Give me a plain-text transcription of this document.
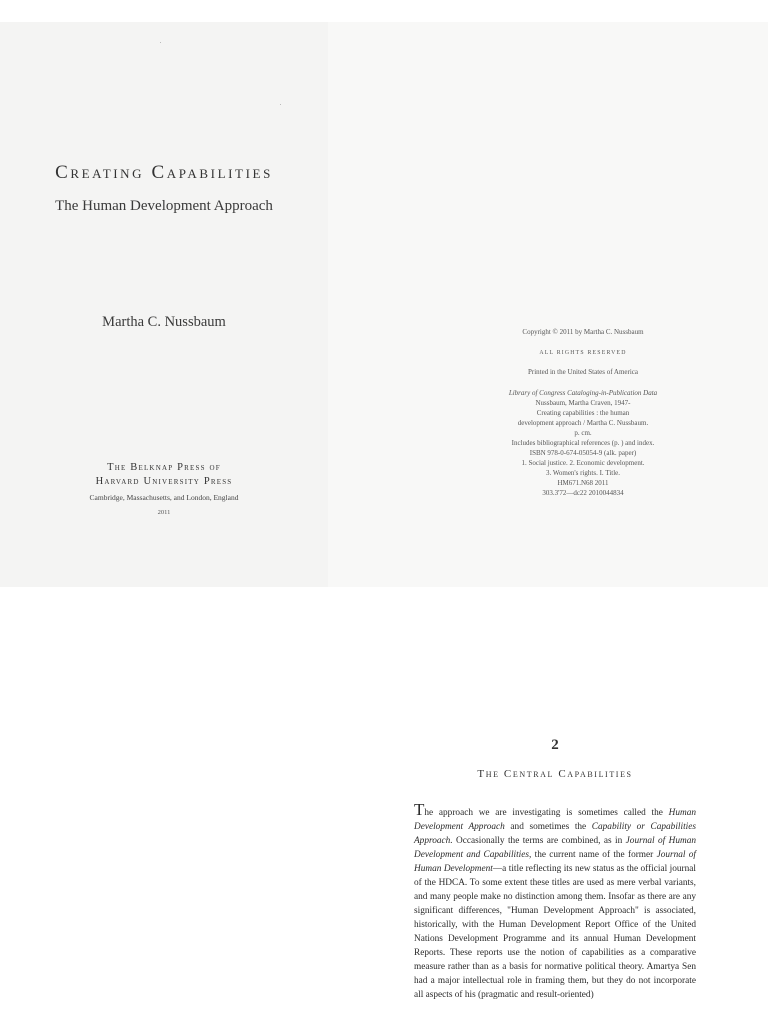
Creating Capabilities
The Human Development Approach
Martha C. Nussbaum
The Belknap Press of
Harvard University Press
Cambridge, Massachusetts, and London, England
2011
Copyright © 2011 by Martha C. Nussbaum
ALL RIGHTS RESERVED
Printed in the United States of America
Library of Congress Cataloging-in-Publication Data
Nussbaum, Martha Craven, 1947-
Creating capabilities : the human
development approach / Martha C. Nussbaum.
p. cm.
Includes bibliographical references (p. ) and index.
ISBN 978-0-674-05054-9 (alk. paper)
1. Social justice. 2. Economic development.
3. Women's rights. I. Title.
HM671.N68 2011
303.3'72—dc22 2010044834
2
The Central Capabilities

The approach we are investigating is sometimes called the Human Development Approach and sometimes the Capability or Capabilities Approach. Occasionally the terms are combined, as in Journal of Human Development and Capabilities, the current name of the former Journal of Human Development—a title reflecting its new status as the official journal of the HDCA. To some extent these titles are used as mere verbal variants, and many people make no distinction among them. Insofar as there are any significant differences, "Human Development Approach" is associated, historically, with the Human Development Report Office of the United Nations Development Programme and its annual Human Development Reports. These reports use the notion of capabilities as a comparative measure rather than as a basis for normative political theory. Amartya Sen had a major intellectual role in framing them, but they do not incorporate all aspects of his (pragmatic and result-oriented)
